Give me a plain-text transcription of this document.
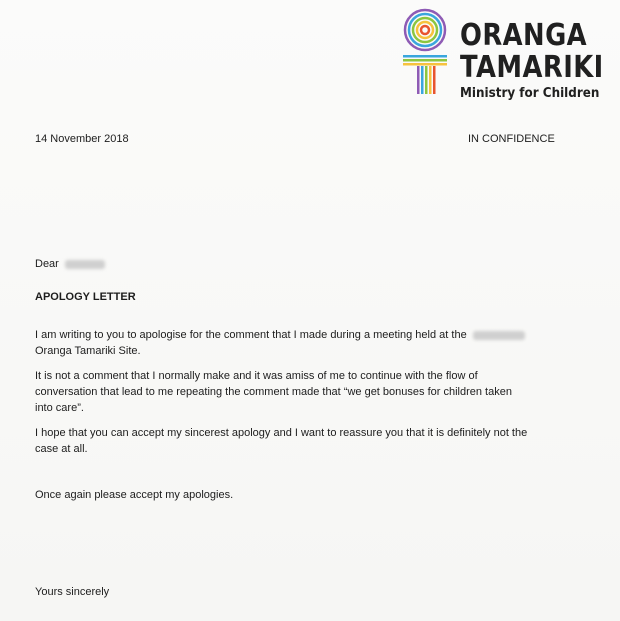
ORANGA
TAMARIKI
Ministry for Children
14 November 2018	IN CONFIDENCE
Dear
APOLOGY LETTER
I am writing to you to apologise for the comment that I made during a meeting held at the
Oranga Tamariki Site.
It is not a comment that I normally make and it was amiss of me to continue with the flow of
conversation that lead to me repeating the comment made that “we get bonuses for children taken
into care”.
I hope that you can accept my sincerest apology and I want to reassure you that it is definitely not the
case at all.
Once again please accept my apologies.
Yours sincerely
